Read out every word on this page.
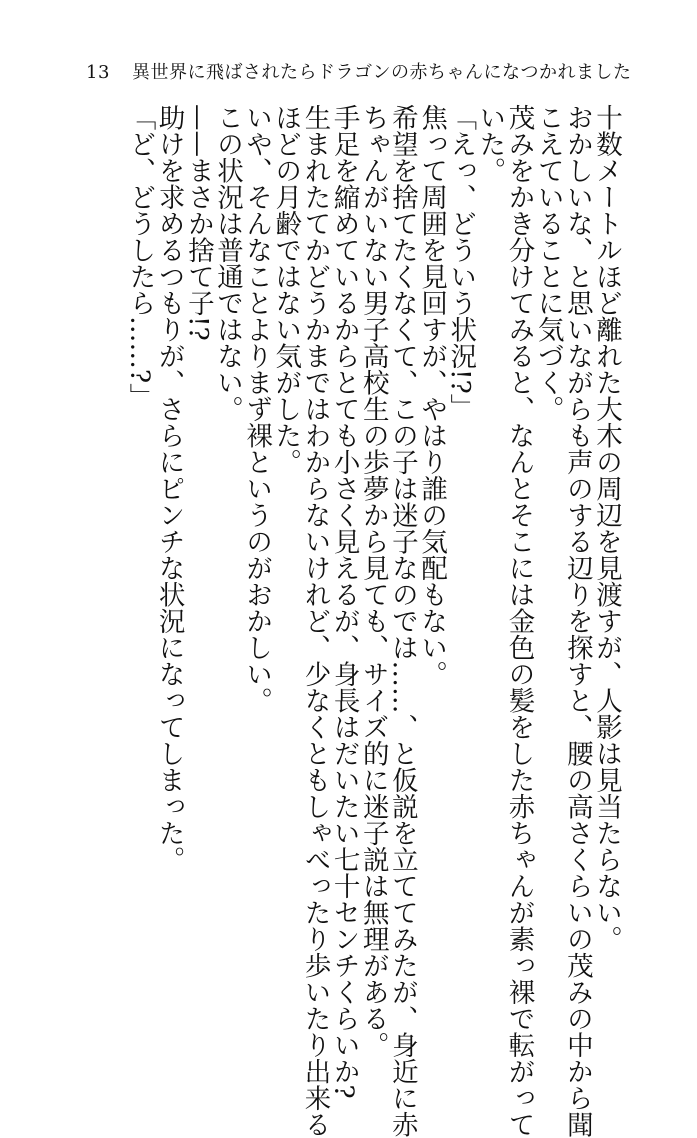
13 異世界に飛ばされたらドラゴンの赤ちゃんになつかれました
十数メートルほど離れた大木の周辺を見渡すが、人影は見当たらない。
おかしいな、と思いながらも声のする辺りを探すと、腰の高さくらいの茂みの中から聞
こえていることに気づく。
茂みをかき分けてみると、なんとそこには金色の髪をした赤ちゃんが素っ裸で転がって
いた。
「えっ、どういう状況!?」
焦って周囲を見回すが、やはり誰の気配もない。
希望を捨てたくなくて、この子は迷子なのでは……、と仮説を立ててみたが、身近に赤
ちゃんがいない男子高校生の歩夢から見ても、サイズ的に迷子説は無理がある。
手足を縮めているからとても小さく見えるが、身長はだいたい七十センチくらいか?
生まれたてかどうかまではわからないけれど、少なくともしゃべったり歩いたり出来る
ほどの月齢ではない気がした。
いや、そんなことよりまず裸というのがおかしい。
この状況は普通ではない。
——まさか捨て子!?
助けを求めるつもりが、さらにピンチな状況になってしまった。
「ど、どうしたら……?」
